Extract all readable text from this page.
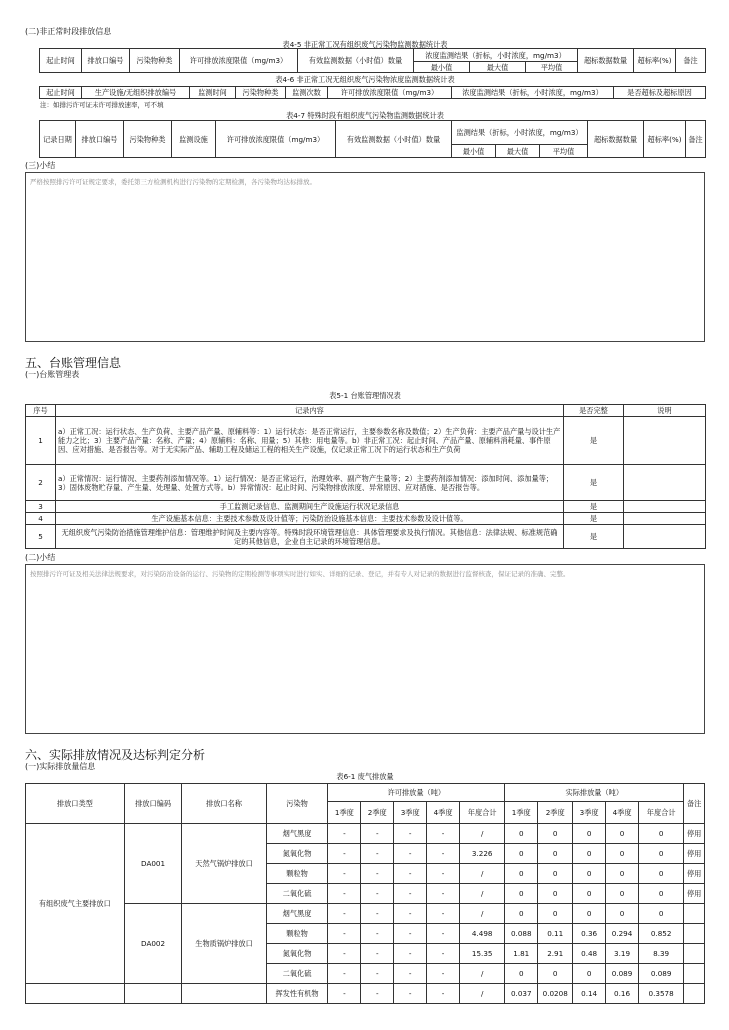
(二)非正常时段排放信息
表4-5 非正常工况有组织废气污染物监测数据统计表
起止时间	排放口编号	污染物种类	许可排放浓度限值（mg/m3）	有效监测数据（小时值）数量	浓度监测结果（折标，小时浓度，mg/m3）			超标数据数量	超标率(%)	备注
					最小值	最大值	平均值			
表4-6 非正常工况无组织废气污染物浓度监测数据统计表
起止时间	生产设施/无组织排放编号	监测时间	污染物种类	监测次数	许可排放浓度限值（mg/m3）	浓度监测结果（折标，小时浓度，mg/m3）	是否超标及超标原因
注：如排污许可证未许可排放速率，可不填
表4-7 特殊时段有组织废气污染物监测数据统计表
记录日期	排放口编号	污染物种类	监测设施	许可排放浓度限值（mg/m3）	有效监测数据（小时值）数量	监测结果（折标，小时浓度，mg/m3）			超标数据数量	超标率(%)	备注
						最小值	最大值	平均值			
(三)小结
严格按照排污许可证规定要求，委托第三方检测机构进行污染物的定期检测，各污染物均达标排放。
五、台账管理信息
(一)台账管理表
表5-1 台账管理情况表
序号	记录内容	是否完整	说明
1	a）正常工况：运行状态、生产负荷、主要产品产量、原辅料等：1）运行状态：是否正常运行，主要参数名称及数值；2）生产负荷：主要产品产量与设计生产能力之比；3）主要产品产量：名称、产量；4）原辅料：名称、用量；5）其他：用电量等。b）非正常工况：起止时间、产品产量、原辅料消耗量、事件原因、应对措施、是否报告等。对于无实际产品、辅助工程及储运工程的相关生产设施，仅记录正常工况下的运行状态和生产负荷	是	
2	a）正常情况：运行情况、主要药剂添加情况等。1）运行情况：是否正常运行，治理效率、副产物产生量等；2）主要药剂添加情况：添加时间、添加量等；3）固体废物贮存量、产生量、处理量、处置方式等。b）异常情况：起止时间、污染物排放浓度、异常原因、应对措施、是否报告等。	是	
3	手工监测记录信息、监测期间生产设施运行状况记录信息	是	
4	生产设施基本信息：主要技术参数及设计值等；污染防治设施基本信息：主要技术参数及设计值等。	是	
5	无组织废气污染防治措施管理维护信息：管理维护时间及主要内容等。特殊时段环境管理信息：具体管理要求及执行情况。其他信息：法律法规、标准规范确定的其他信息，企业自主记录的环境管理信息。	是	
(二)小结
按照排污许可证及相关法律法规要求，对污染防治设备的运行、污染物的定期检测等事项实时进行如实、详细的记录、登记，并有专人对记录的数据进行监督核查，保证记录的准确、完整。
六、实际排放情况及达标判定分析
(一)实际排放量信息
表6-1 废气排放量
排放口类型	排放口编码	排放口名称	污染物	许可排放量（吨）					实际排放量（吨）					备注
				1季度	2季度	3季度	4季度	年度合计	1季度	2季度	3季度	4季度	年度合计	
有组织废气主要排放口	DA001	天然气锅炉排放口	烟气黑度	-	-	-	-	/	0	0	0	0	0	停用
			氮氧化物	-	-	-	-	3.226	0	0	0	0	0	停用
			颗粒物	-	-	-	-	/	0	0	0	0	0	停用
			二氧化硫	-	-	-	-	/	0	0	0	0	0	停用
	DA002	生物质锅炉排放口	烟气黑度	-	-	-	-	/	0	0	0	0	0	
			颗粒物	-	-	-	-	4.498	0.088	0.11	0.36	0.294	0.852	
			氮氧化物	-	-	-	-	15.35	1.81	2.91	0.48	3.19	8.39	
			二氧化硫	-	-	-	-	/	0	0	0	0.089	0.089	
			挥发性有机物	-	-	-	-	/	0.037	0.0208	0.14	0.16	0.3578	
